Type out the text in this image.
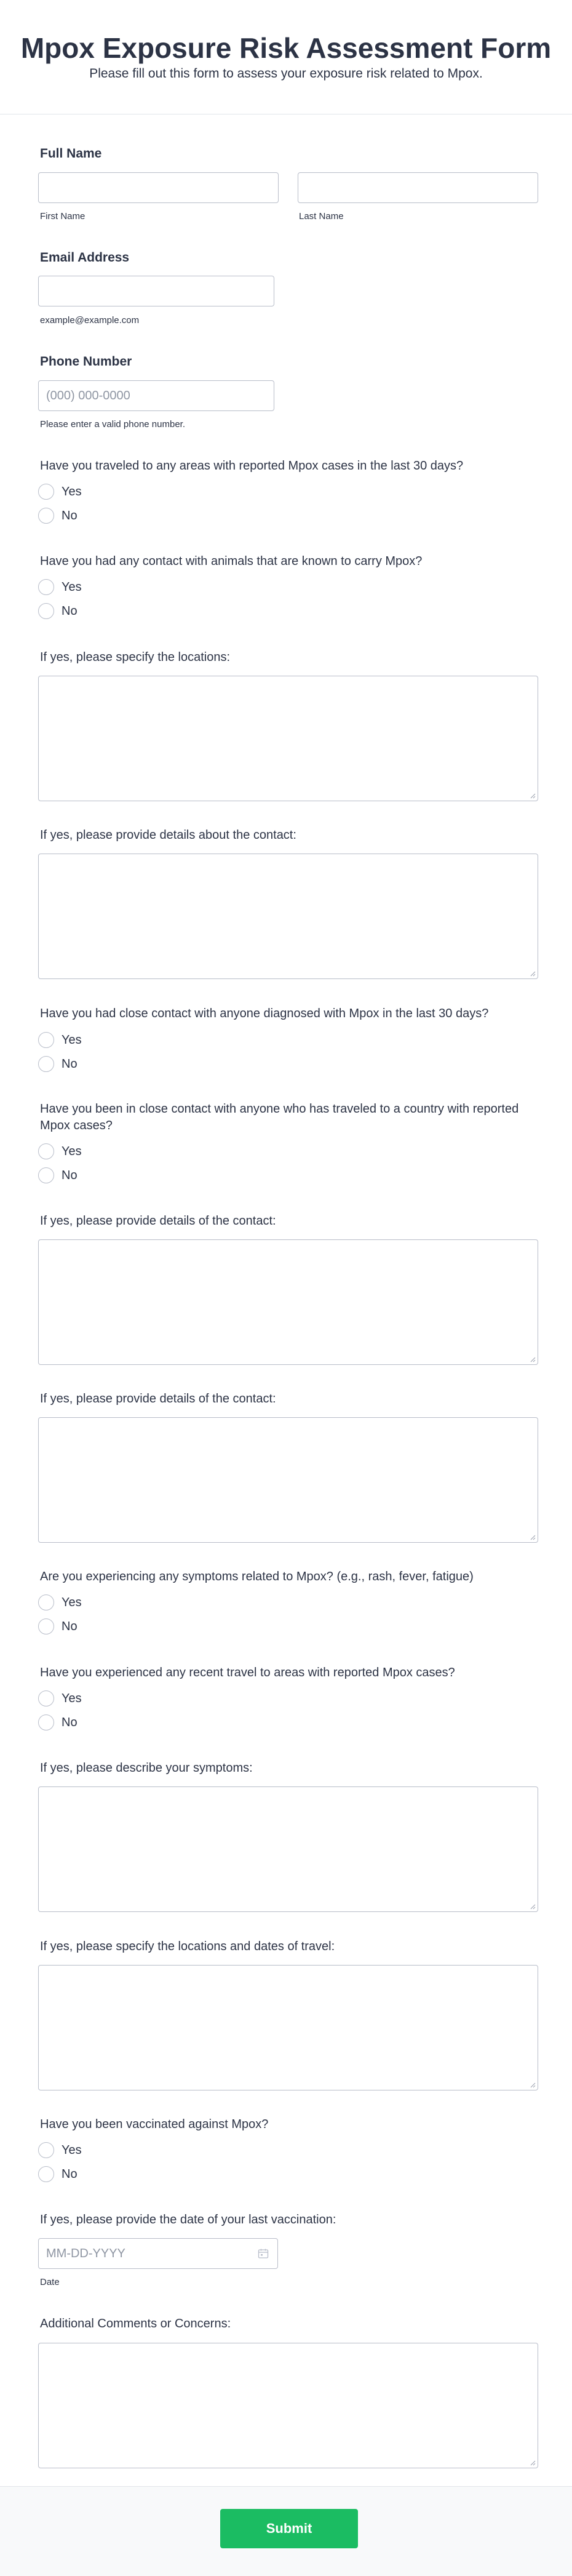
Mpox Exposure Risk Assessment Form
Please fill out this form to assess your exposure risk related to Mpox.
Full Name
First Name	Last Name
Email Address
example@example.com
Phone Number
(000) 000-0000
Please enter a valid phone number.
Have you traveled to any areas with reported Mpox cases in the last 30 days?
Yes
No
Have you had any contact with animals that are known to carry Mpox?
Yes
No
If yes, please specify the locations:
If yes, please provide details about the contact:
Have you had close contact with anyone diagnosed with Mpox in the last 30 days?
Yes
No
Have you been in close contact with anyone who has traveled to a country with reported Mpox cases?
Yes
No
If yes, please provide details of the contact:
If yes, please provide details of the contact:
Are you experiencing any symptoms related to Mpox? (e.g., rash, fever, fatigue)
Yes
No
Have you experienced any recent travel to areas with reported Mpox cases?
Yes
No
If yes, please describe your symptoms:
If yes, please specify the locations and dates of travel:
Have you been vaccinated against Mpox?
Yes
No
If yes, please provide the date of your last vaccination:
MM-DD-YYYY
Date
Additional Comments or Concerns:
Submit
